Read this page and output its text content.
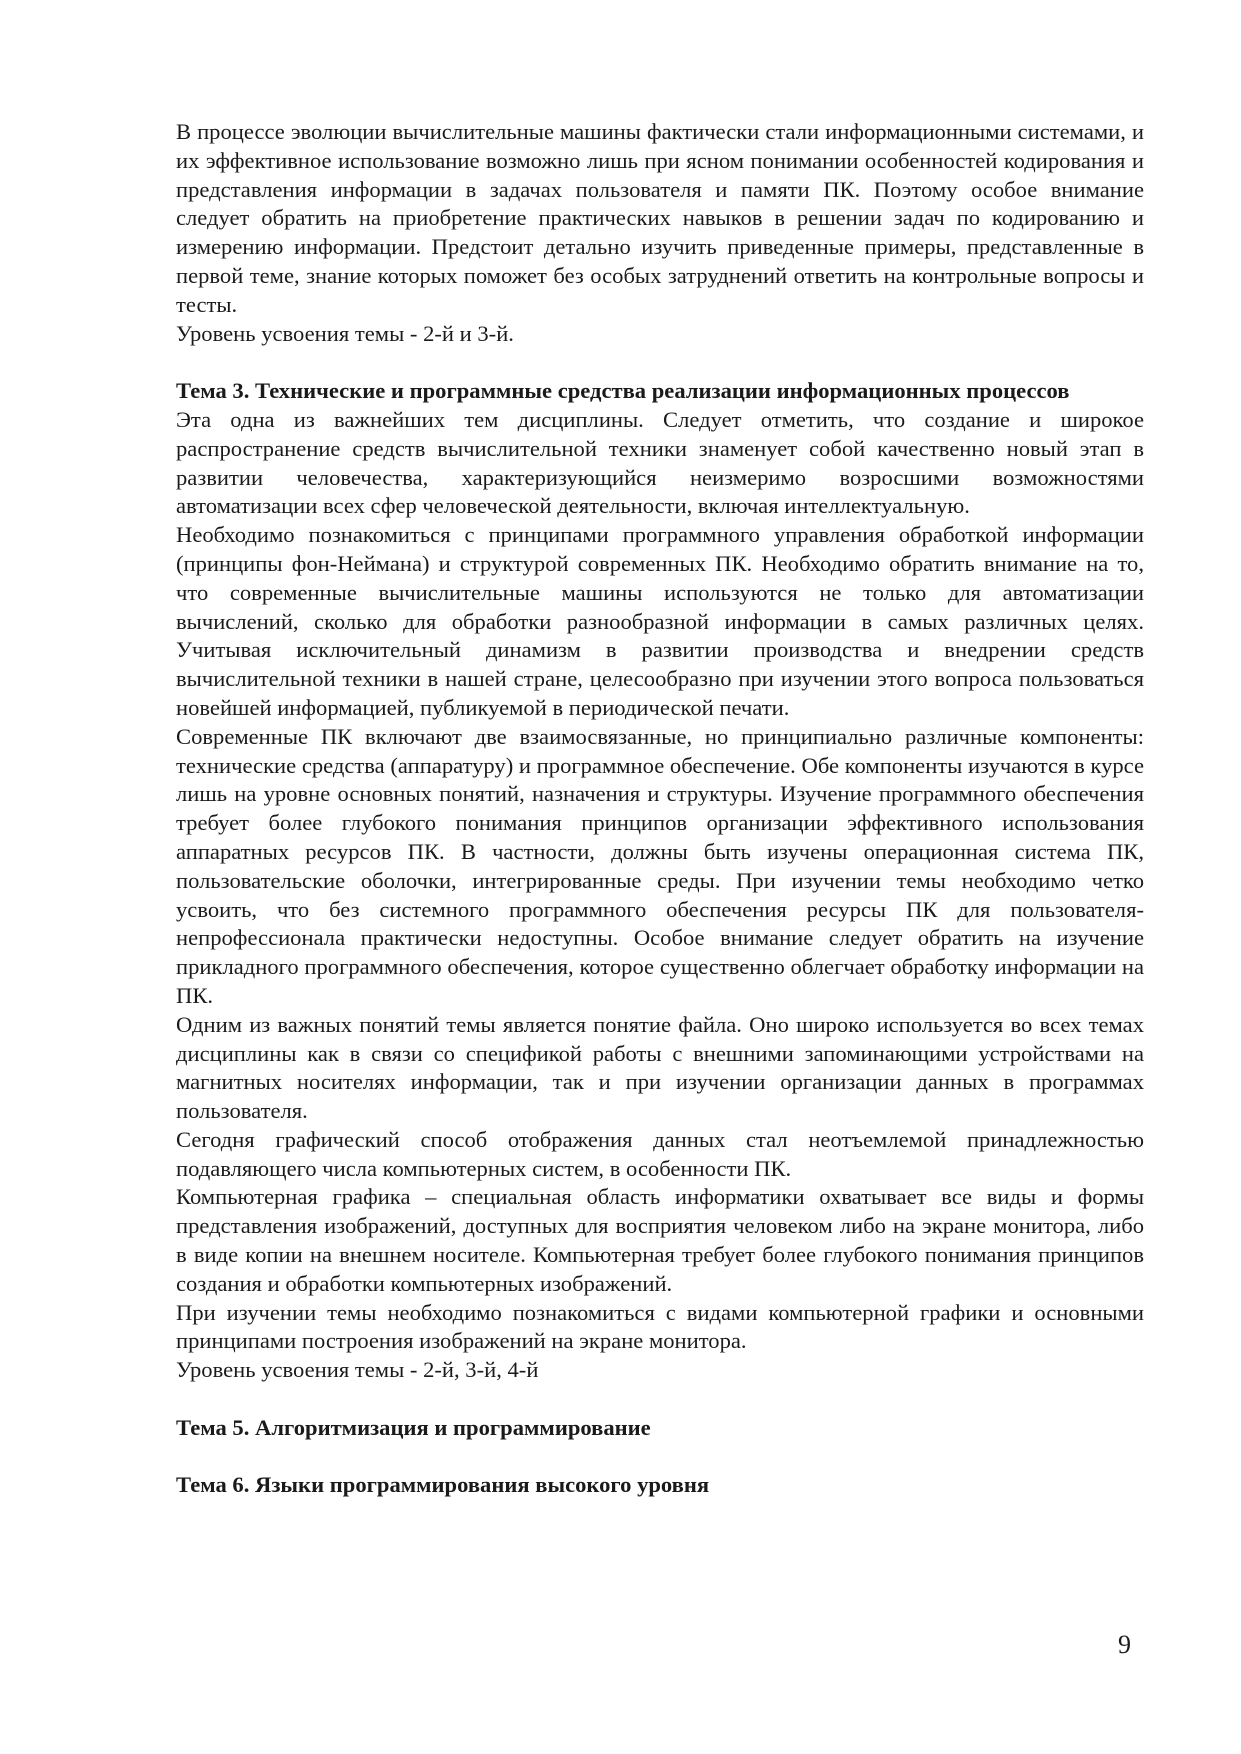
В процессе эволюции вычислительные машины фактически стали информационными системами, и их эффективное использование возможно лишь при ясном понимании особенностей кодирования и представления информации в задачах пользователя и памяти ПК. Поэтому особое внимание следует обратить на приобретение практических навыков в решении задач по кодированию и измерению информации. Предстоит детально изучить приведенные примеры, представленные в первой теме, знание которых поможет без особых затруднений ответить на контрольные вопросы и тесты.

Уровень усвоения темы - 2-й и 3-й.

Тема 3. Технические и программные средства реализации информационных процессов

Эта одна из важнейших тем дисциплины. Следует отметить, что создание и широкое распространение средств вычислительной техники знаменует собой качественно новый этап в развитии человечества, характеризующийся неизмеримо возросшими возможностями автоматизации всех сфер человеческой деятельности, включая интеллектуальную.

Необходимо познакомиться с принципами программного управления обработкой информации (принципы фон-Неймана) и структурой современных ПК. Необходимо обратить внимание на то, что современные вычислительные машины используются не только для автоматизации вычислений, сколько для обработки разнообразной информации в самых различных целях. Учитывая исключительный динамизм в развитии производства и внедрении средств вычислительной техники в нашей стране, целесообразно при изучении этого вопроса пользоваться новейшей информацией, публикуемой в периодической печати.

Современные ПК включают две взаимосвязанные, но принципиально различные компоненты: технические средства (аппаратуру) и программное обеспечение. Обе компоненты изучаются в курсе лишь на уровне основных понятий, назначения и структуры. Изучение программного обеспечения требует более глубокого понимания принципов организации эффективного использования аппаратных ресурсов ПК. В частности, должны быть изучены операционная система ПК, пользовательские оболочки, интегрированные среды. При изучении темы необходимо четко усвоить, что без системного программного обеспечения ресурсы ПК для пользователя-непрофессионала практически недоступны. Особое внимание следует обратить на изучение прикладного программного обеспечения, которое существенно облегчает обработку информации на ПК.

Одним из важных понятий темы является понятие файла. Оно широко используется во всех темах дисциплины как в связи со спецификой работы с внешними запоминающими устройствами на магнитных носителях информации, так и при изучении организации данных в программах пользователя.

Сегодня графический способ отображения данных стал неотъемлемой принадлежностью подавляющего числа компьютерных систем, в особенности ПК.

Компьютерная графика – специальная область информатики охватывает все виды и формы представления изображений, доступных для восприятия человеком либо на экране монитора, либо в виде копии на внешнем носителе. Компьютерная требует более глубокого понимания принципов создания и обработки компьютерных изображений.

При изучении темы необходимо познакомиться с видами компьютерной графики и основными принципами построения изображений на экране монитора.

Уровень усвоения темы - 2-й, 3-й, 4-й

Тема 5. Алгоритмизация и программирование

Тема 6. Языки программирования высокого уровня

9
